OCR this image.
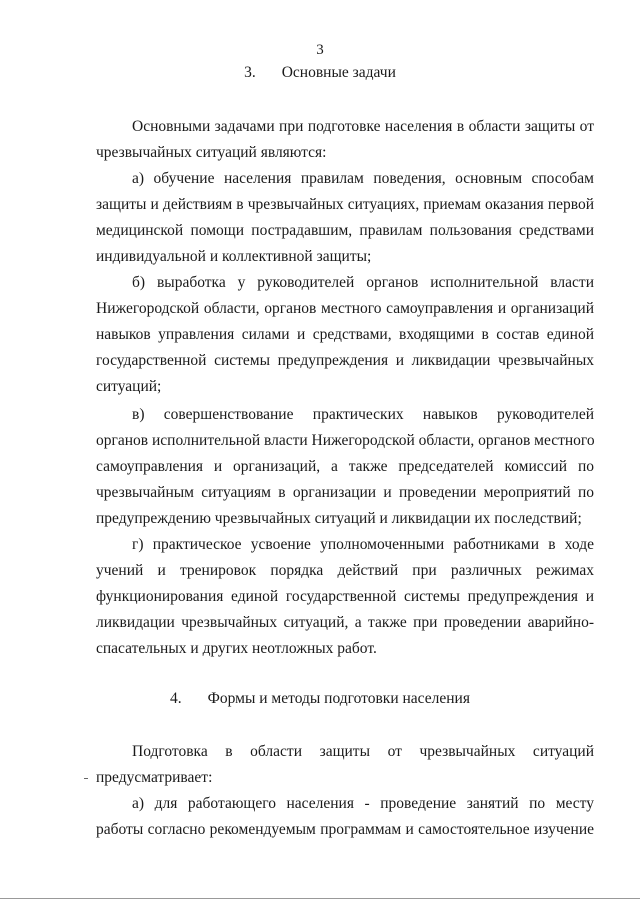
3
3. Основные задачи
Основными задачами при подготовке населения в области защиты от
чрезвычайных ситуаций являются:
а) обучение населения правилам поведения, основным способам
защиты и действиям в чрезвычайных ситуациях, приемам оказания первой
медицинской помощи пострадавшим, правилам пользования средствами
индивидуальной и коллективной защиты;
б) выработка у руководителей органов исполнительной власти
Нижегородской области, органов местного самоуправления и организаций
навыков управления силами и средствами, входящими в состав единой
государственной системы предупреждения и ликвидации чрезвычайных
ситуаций;
в) совершенствование практических навыков руководителей
органов исполнительной власти Нижегородской области, органов местного
самоуправления и организаций, а также председателей комиссий по
чрезвычайным ситуациям в организации и проведении мероприятий по
предупреждению чрезвычайных ситуаций и ликвидации их последствий;
г) практическое усвоение уполномоченными работниками в ходе
учений и тренировок порядка действий при различных режимах
функционирования единой государственной системы предупреждения и
ликвидации чрезвычайных ситуаций, а также при проведении аварийно-
спасательных и других неотложных работ.
4. Формы и методы подготовки населения
Подготовка в области защиты от чрезвычайных ситуаций
предусматривает:
а) для работающего населения - проведение занятий по месту
работы согласно рекомендуемым программам и самостоятельное изучение
